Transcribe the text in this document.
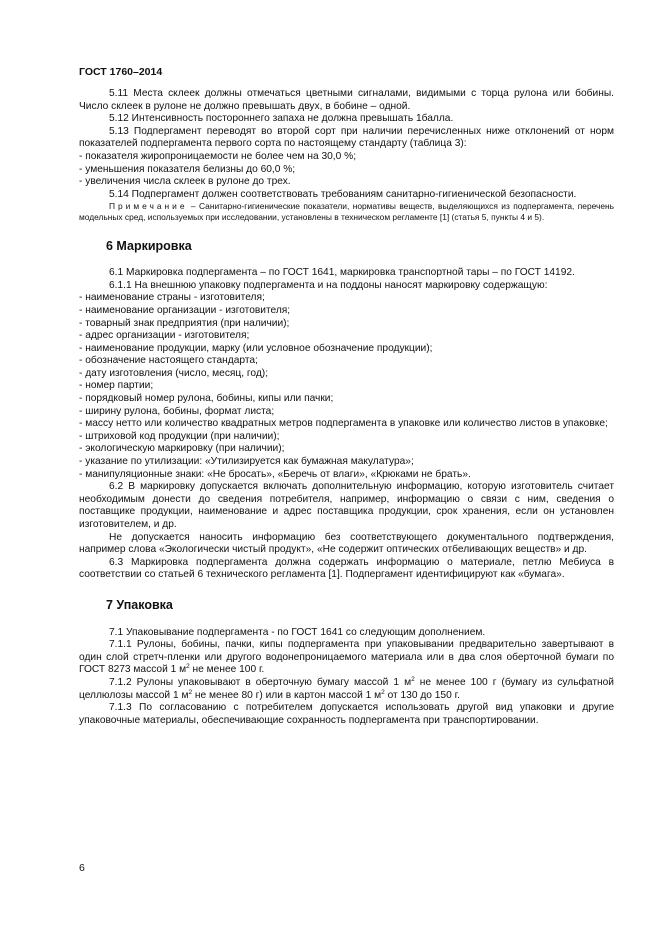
ГОСТ 1760–2014

5.11 Места склеек должны отмечаться цветными сигналами, видимыми с торца рулона или бобины. Число склеек в рулоне не должно превышать двух, в бобине – одной.

5.12 Интенсивность постороннего запаха не должна превышать 1балла.

5.13 Подпергамент переводят во второй сорт при наличии перечисленных ниже отклонений от норм показателей подпергамента первого сорта по настоящему стандарту (таблица 3):

- показателя жиропроницаемости не более чем на 30,0 %;

- уменьшения показателя белизны до 60,0 %;

- увеличения числа склеек в рулоне до трех.

5.14 Подпергамент должен соответствовать требованиям санитарно-гигиенической безопасности.

Примечание – Санитарно-гигиенические показатели, нормативы веществ, выделяющихся из подпергамента, перечень модельных сред, используемых при исследовании, установлены в техническом регламенте [1] (статья 5, пункты 4 и 5).

6 Маркировка

6.1 Маркировка подпергамента – по ГОСТ 1641, маркировка транспортной тары – по ГОСТ 14192.

6.1.1 На внешнюю упаковку подпергамента и на поддоны наносят маркировку содержащую:

- наименование страны - изготовителя;

- наименование организации - изготовителя;

- товарный знак предприятия (при наличии);

- адрес организации - изготовителя;

- наименование продукции, марку (или условное обозначение продукции);

- обозначение настоящего стандарта;

- дату изготовления (число, месяц, год);

- номер партии;

- порядковый номер рулона, бобины, кипы или пачки;

- ширину рулона, бобины, формат листа;

- массу нетто или количество квадратных метров подпергамента в упаковке или количество листов в упаковке;

- штриховой код продукции (при наличии);

- экологическую маркировку (при наличии);

- указание по утилизации: «Утилизируется как бумажная макулатура»;

- манипуляционные знаки: «Не бросать», «Беречь от влаги», «Крюками не брать».

6.2 В маркировку допускается включать дополнительную информацию, которую изготовитель считает необходимым донести до сведения потребителя, например, информацию о связи с ним, сведения о поставщике продукции, наименование и адрес поставщика продукции, срок хранения, если он установлен изготовителем, и др.

Не допускается наносить информацию без соответствующего документального подтверждения, например слова «Экологически чистый продукт», «Не содержит оптических отбеливающих веществ» и др.

6.3 Маркировка подпергамента должна содержать информацию о материале, петлю Мебиуса в соответствии со статьей 6 технического регламента [1]. Подпергамент идентифицируют как «бумага».

7 Упаковка

7.1 Упаковывание подпергамента - по ГОСТ 1641 со следующим дополнением.

7.1.1 Рулоны, бобины, пачки, кипы подпергамента при упаковывании предварительно завертывают в один слой стретч-пленки или другого водонепроницаемого материала или в два слоя оберточной бумаги по ГОСТ 8273 массой 1 $м^2$ не менее 100 г.

7.1.2 Рулоны упаковывают в оберточную бумагу массой 1 $м^2$ не менее 100 г (бумагу из сульфатной целлюлозы массой 1 $м^2$ не менее 80 г) или в картон массой 1 $м^2$ от 130 до 150 г.

7.1.3 По согласованию с потребителем допускается использовать другой вид упаковки и другие упаковочные материалы, обеспечивающие сохранность подпергамента при транспортировании.

6
